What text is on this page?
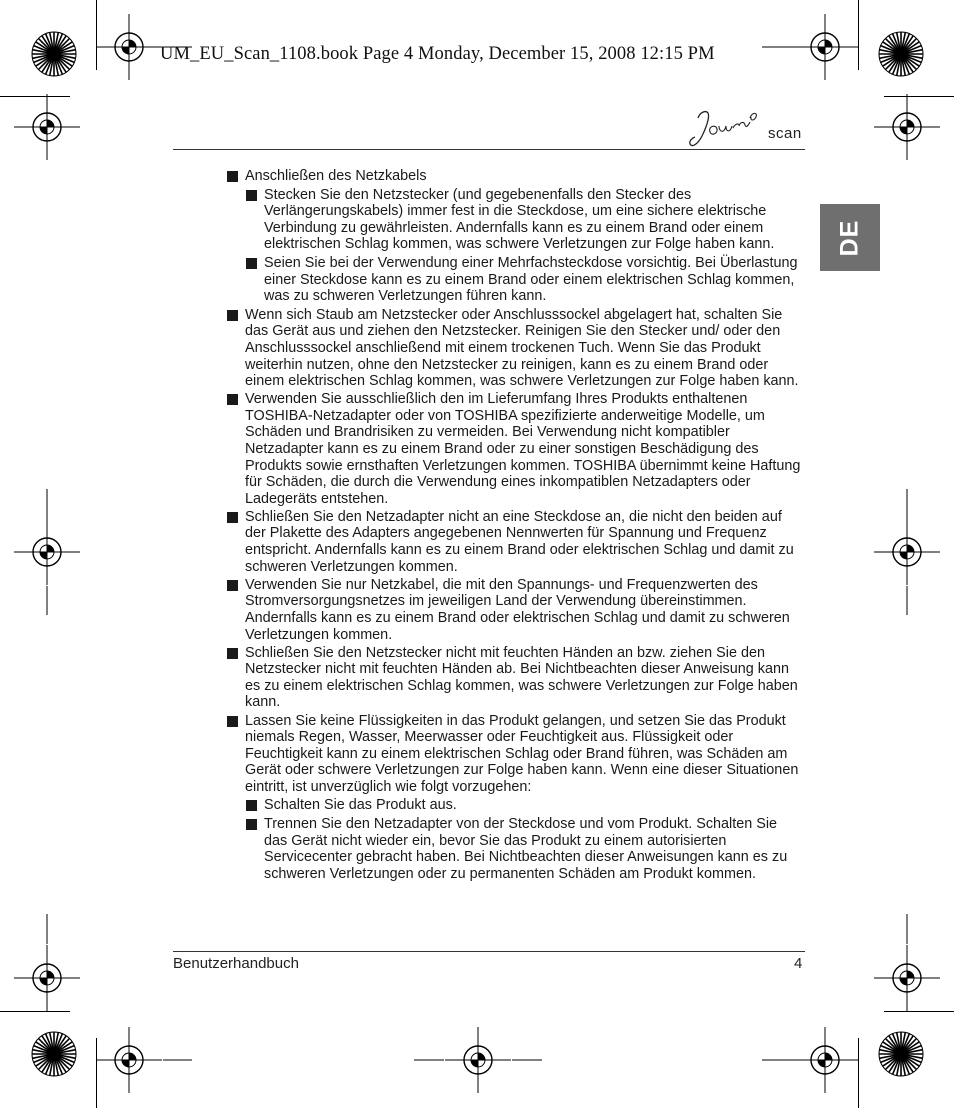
UM_EU_Scan_1108.book Page 4 Monday, December 15, 2008 12:15 PM
scan
DE
Anschließen des Netzkabels
Stecken Sie den Netzstecker (und gegebenenfalls den Stecker des Verlängerungskabels) immer fest in die Steckdose, um eine sichere elektrische Verbindung zu gewährleisten. Andernfalls kann es zu einem Brand oder einem elektrischen Schlag kommen, was schwere Verletzungen zur Folge haben kann.
Seien Sie bei der Verwendung einer Mehrfachsteckdose vorsichtig. Bei Überlastung einer Steckdose kann es zu einem Brand oder einem elektrischen Schlag kommen, was zu schweren Verletzungen führen kann.
Wenn sich Staub am Netzstecker oder Anschlusssockel abgelagert hat, schalten Sie das Gerät aus und ziehen den Netzstecker. Reinigen Sie den Stecker und/ oder den Anschlusssockel anschließend mit einem trockenen Tuch. Wenn Sie das Produkt weiterhin nutzen, ohne den Netzstecker zu reinigen, kann es zu einem Brand oder einem elektrischen Schlag kommen, was schwere Verletzungen zur Folge haben kann.
Verwenden Sie ausschließlich den im Lieferumfang Ihres Produkts enthaltenen TOSHIBA-Netzadapter oder von TOSHIBA spezifizierte anderweitige Modelle, um Schäden und Brandrisiken zu vermeiden. Bei Verwendung nicht kompatibler Netzadapter kann es zu einem Brand oder zu einer sonstigen Beschädigung des Produkts sowie ernsthaften Verletzungen kommen. TOSHIBA übernimmt keine Haftung für Schäden, die durch die Verwendung eines inkompatiblen Netzadapters oder Ladegeräts entstehen.
Schließen Sie den Netzadapter nicht an eine Steckdose an, die nicht den beiden auf der Plakette des Adapters angegebenen Nennwerten für Spannung und Frequenz entspricht. Andernfalls kann es zu einem Brand oder elektrischen Schlag und damit zu schweren Verletzungen kommen.
Verwenden Sie nur Netzkabel, die mit den Spannungs- und Frequenzwerten des Stromversorgungsnetzes im jeweiligen Land der Verwendung übereinstimmen. Andernfalls kann es zu einem Brand oder elektrischen Schlag und damit zu schweren Verletzungen kommen.
Schließen Sie den Netzstecker nicht mit feuchten Händen an bzw. ziehen Sie den Netzstecker nicht mit feuchten Händen ab. Bei Nichtbeachten dieser Anweisung kann es zu einem elektrischen Schlag kommen, was schwere Verletzungen zur Folge haben kann.
Lassen Sie keine Flüssigkeiten in das Produkt gelangen, und setzen Sie das Produkt niemals Regen, Wasser, Meerwasser oder Feuchtigkeit aus. Flüssigkeit oder Feuchtigkeit kann zu einem elektrischen Schlag oder Brand führen, was Schäden am Gerät oder schwere Verletzungen zur Folge haben kann. Wenn eine dieser Situationen eintritt, ist unverzüglich wie folgt vorzugehen:
Schalten Sie das Produkt aus.
Trennen Sie den Netzadapter von der Steckdose und vom Produkt. Schalten Sie das Gerät nicht wieder ein, bevor Sie das Produkt zu einem autorisierten Servicecenter gebracht haben. Bei Nichtbeachten dieser Anweisungen kann es zu schweren Verletzungen oder zu permanenten Schäden am Produkt kommen.
Benutzerhandbuch	4
